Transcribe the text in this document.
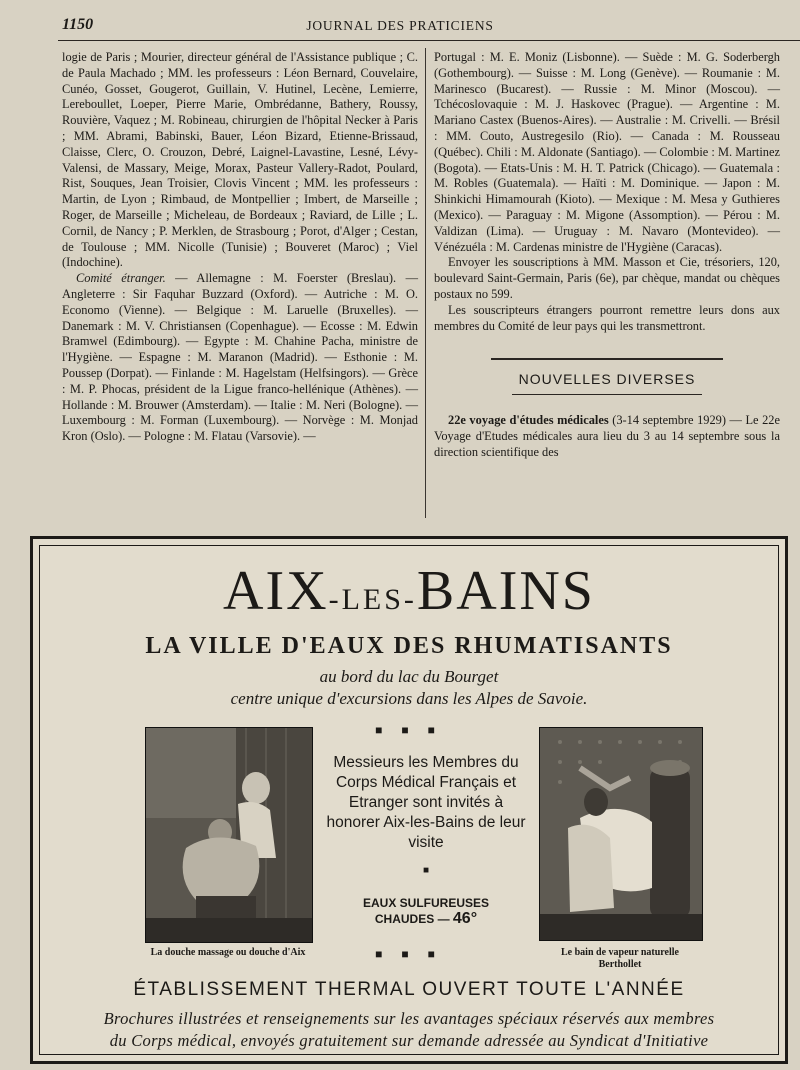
1150	JOURNAL DES PRATICIENS

logie de Paris ; Mourier, directeur général de l'Assistance publique ; C. de Paula Machado ; MM. les professeurs : Léon Bernard, Couvelaire, Cunéo, Gosset, Gougerot, Guillain, V. Hutinel, Lecène, Lemierre, Lereboullet, Loeper, Pierre Marie, Ombrédanne, Bathery, Roussy, Rouvière, Vaquez ; M. Robineau, chirurgien de l'hôpital Necker à Paris ; MM. Abrami, Babinski, Bauer, Léon Bizard, Etienne-Brissaud, Claisse, Clerc, O. Crouzon, Debré, Laignel-Lavastine, Lesné, Lévy-Valensi, de Massary, Meige, Morax, Pasteur Vallery-Radot, Poulard, Rist, Souques, Jean Troisier, Clovis Vincent ; MM. les professeurs : Martin, de Lyon ; Rimbaud, de Montpellier ; Imbert, de Marseille ; Roger, de Marseille ; Micheleau, de Bordeaux ; Raviard, de Lille ; L. Cornil, de Nancy ; P. Merklen, de Strasbourg ; Porot, d'Alger ; Cestan, de Toulouse ; MM. Nicolle (Tunisie) ; Bouveret (Maroc) ; Viel (Indochine).

Comité étranger. — Allemagne : M. Foerster (Breslau). — Angleterre : Sir Faquhar Buzzard (Oxford). — Autriche : M. O. Economo (Vienne). — Belgique : M. Laruelle (Bruxelles). — Danemark : M. V. Christiansen (Copenhague). — Ecosse : M. Edwin Bramwel (Edimbourg). — Egypte : M. Chahine Pacha, ministre de l'Hygiène. — Espagne : M. Maranon (Madrid). — Esthonie : M. Poussep (Dorpat). — Finlande : M. Hagelstam (Helfsingors). — Grèce : M. P. Phocas, président de la Ligue franco-hellénique (Athènes). — Hollande : M. Brouwer (Amsterdam). — Italie : M. Neri (Bologne). — Luxembourg : M. Forman (Luxembourg). — Norvège : M. Monjad Kron (Oslo). — Pologne : M. Flatau (Varsovie). —

Portugal : M. E. Moniz (Lisbonne). — Suède : M. G. Soderbergh (Gothembourg). — Suisse : M. Long (Genève). — Roumanie : M. Marinesco (Bucarest). — Russie : M. Minor (Moscou). — Tchécoslovaquie : M. J. Haskovec (Prague). — Argentine : M. Mariano Castex (Buenos-Aires). — Australie : M. Crivelli. — Brésil : MM. Couto, Austregesilo (Rio). — Canada : M. Rousseau (Québec). Chili : M. Aldonate (Santiago). — Colombie : M. Martinez (Bogota). — Etats-Unis : M. H. T. Patrick (Chicago). — Guatemala : M. Robles (Guatemala). — Haïti : M. Dominique. — Japon : M. Shinkichi Himamourah (Kioto). — Mexique : M. Mesa y Guthieres (Mexico). — Paraguay : M. Migone (Assomption). — Pérou : M. Valdizan (Lima). — Uruguay : M. Navaro (Montevideo). — Vénézuéla : M. Cardenas ministre de l'Hygiène (Caracas).

Envoyer les souscriptions à MM. Masson et Cie, trésoriers, 120, boulevard Saint-Germain, Paris (6e), par chèque, mandat ou chèques postaux no 599.

Les souscripteurs étrangers pourront remettre leurs dons aux membres du Comité de leur pays qui les transmettront.

NOUVELLES DIVERSES

22e voyage d'études médicales (3-14 septembre 1929) — Le 22e Voyage d'Etudes médicales aura lieu du 3 au 14 septembre sous la direction scientifique des

AIX-LES-BAINS
LA VILLE D'EAUX DES RHUMATISANTS
au bord du lac du Bourget
centre unique d'excursions dans les Alpes de Savoie.
■ ■ ■
La douche massage ou douche d'Aix	Le bain de vapeur naturelle Berthollet
Messieurs les Membres du Corps Médical Français et Etranger sont invités à honorer Aix-les-Bains de leur visite
■
EAUX SULFUREUSES
CHAUDES — 46°
■ ■ ■
ÉTABLISSEMENT THERMAL OUVERT TOUTE L'ANNÉE
Brochures illustrées et renseignements sur les avantages spéciaux réservés aux membres
du Corps médical, envoyés gratuitement sur demande adressée au Syndicat d'Initiative
